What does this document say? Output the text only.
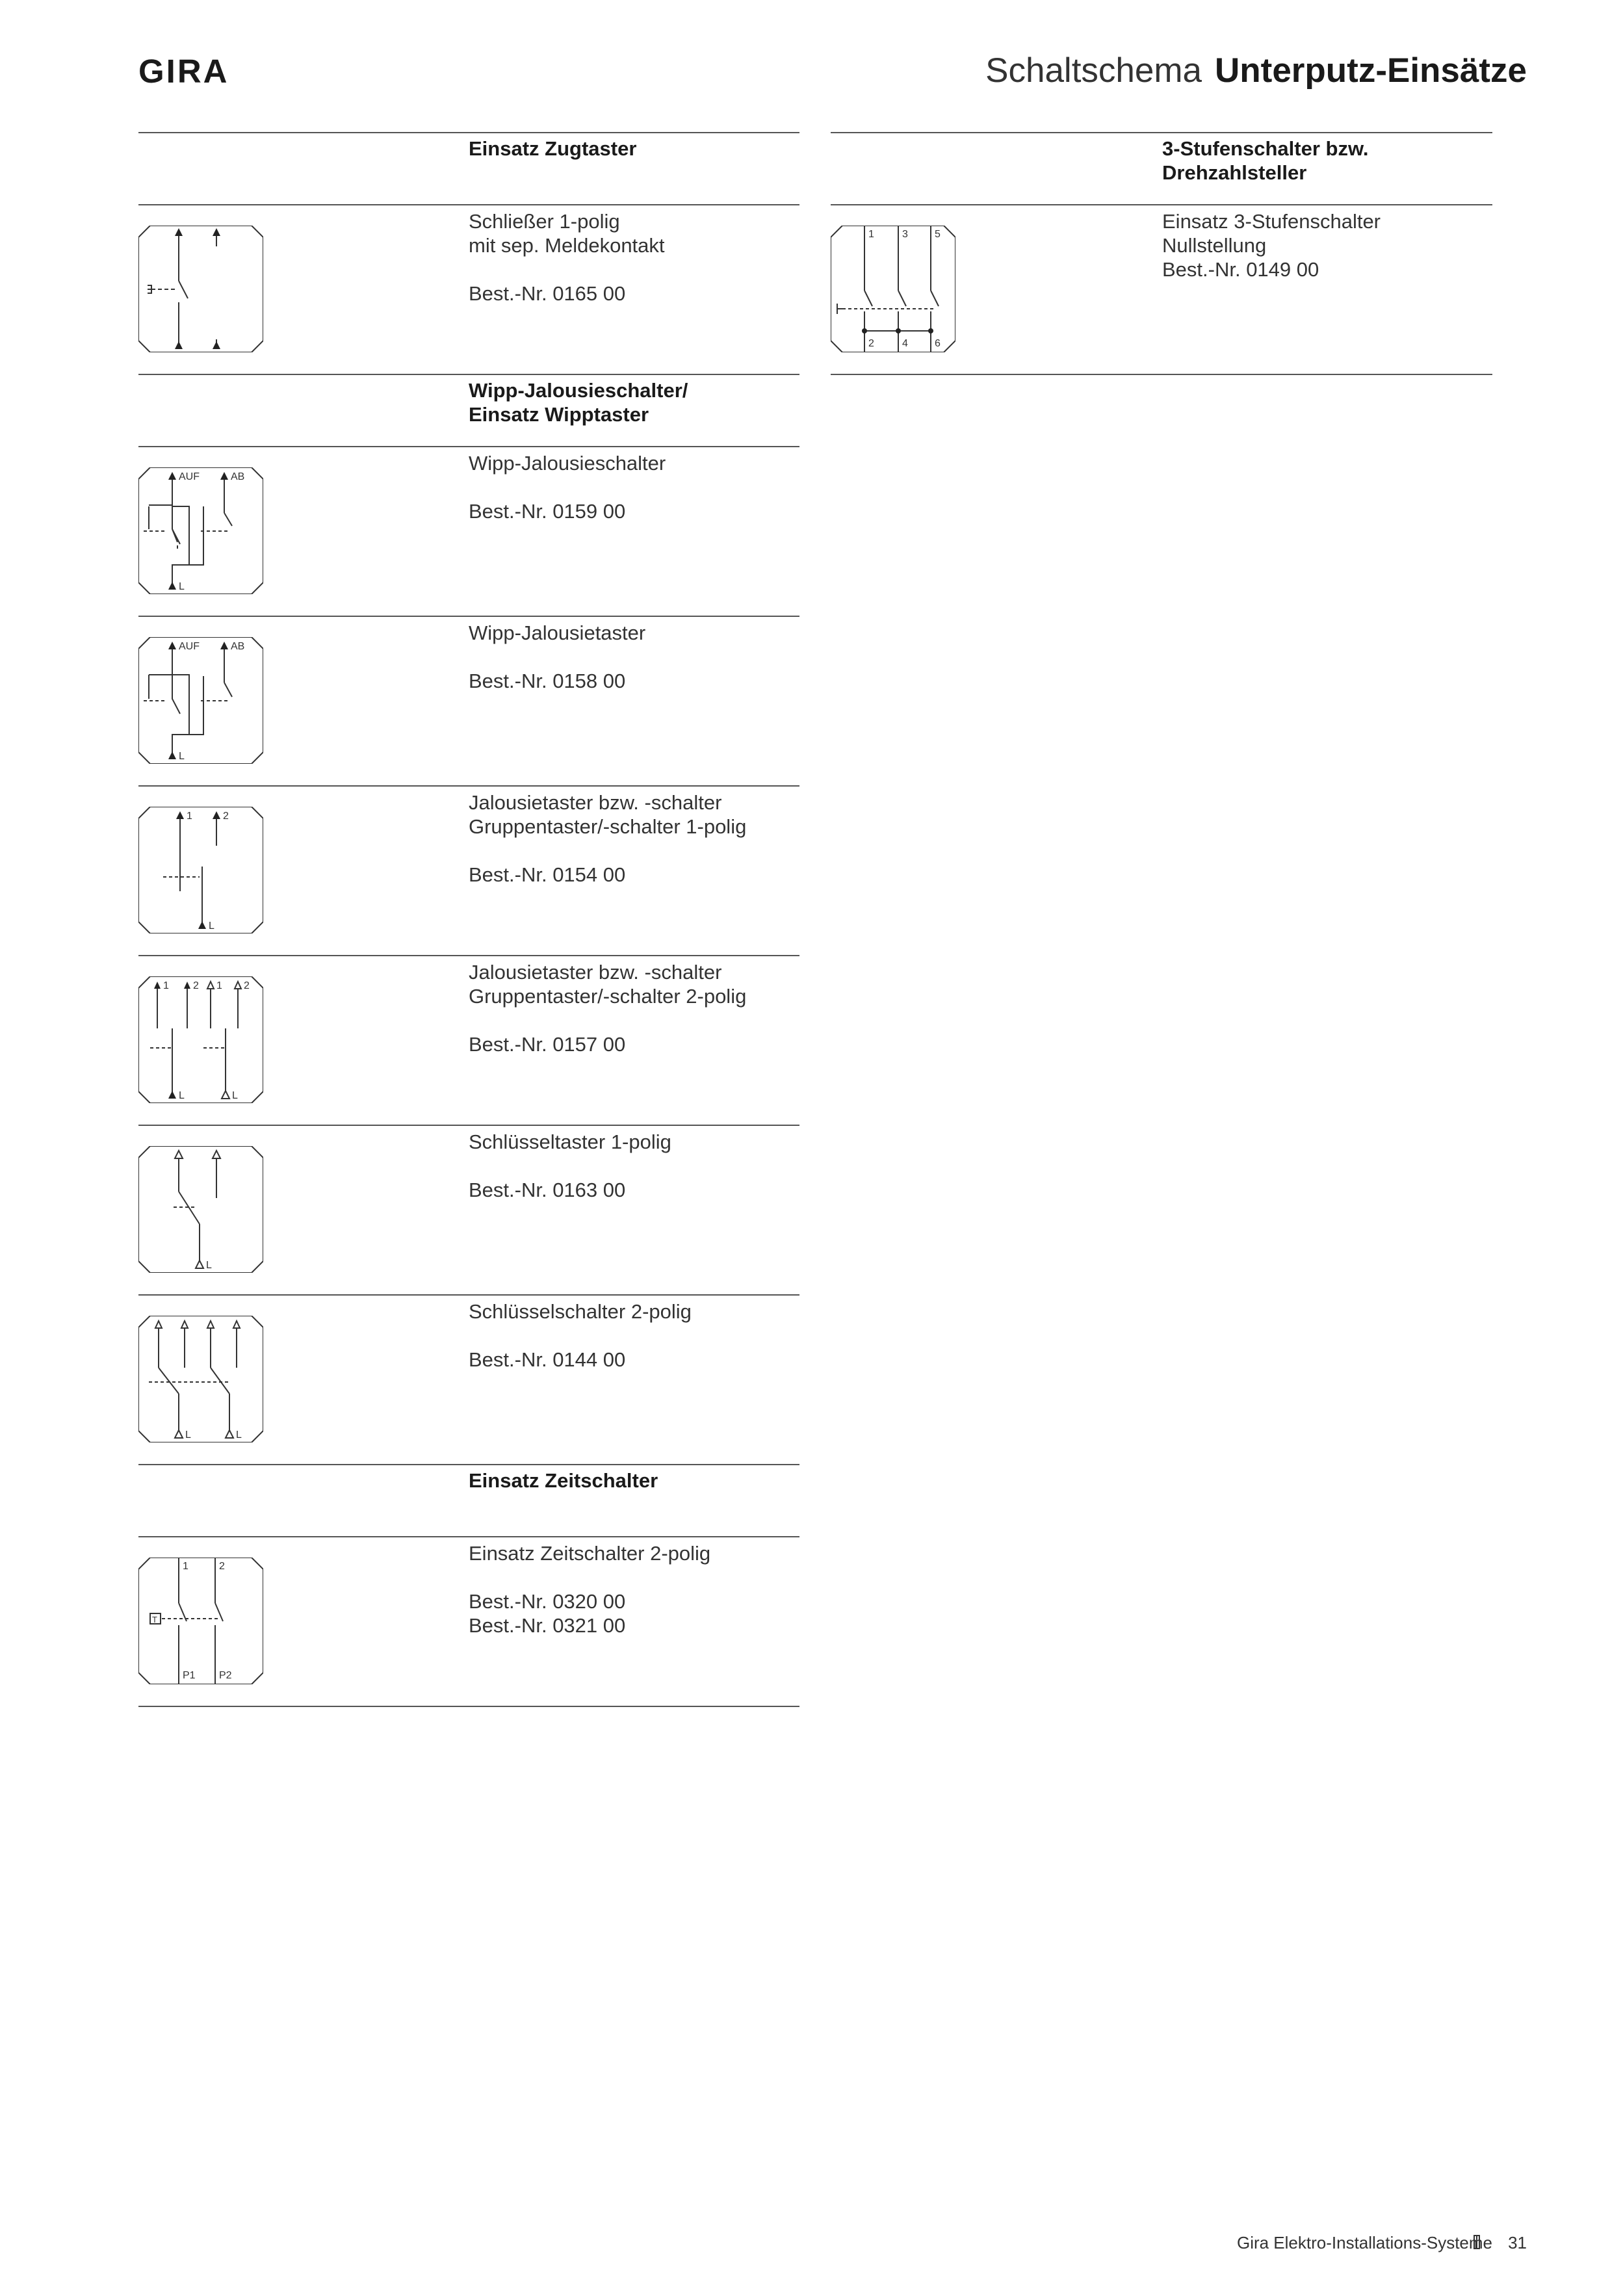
GIRA	Schaltschema Unterputz-Einsätze
Einsatz Zugtaster
Schließer 1-polig
mit sep. Meldekontakt
Best.-Nr. 0165 00
Wipp-Jalousieschalter/
Einsatz Wipptaster
AUF	AB
L
Wipp-Jalousieschalter
Best.-Nr. 0159 00
AUF	AB
L
Wipp-Jalousietaster
Best.-Nr. 0158 00
1	2
L
Jalousietaster bzw. -schalter
Gruppentaster/-schalter 1-polig
Best.-Nr. 0154 00
1 2 1 2
L	L
Jalousietaster bzw. -schalter
Gruppentaster/-schalter 2-polig
Best.-Nr. 0157 00
L
Schlüsseltaster 1-polig
Best.-Nr. 0163 00
L	L
Schlüsselschalter 2-polig
Best.-Nr. 0144 00
Einsatz Zeitschalter
1	2
T
P1 P2
Einsatz Zeitschalter 2-polig
Best.-Nr. 0320 00
Best.-Nr. 0321 00
3-Stufenschalter bzw.
Drehzahlsteller
1	3	5
2	4	6
Einsatz 3-Stufenschalter
Nullstellung
Best.-Nr. 0149 00
Gira Elektro-Installations-Systeme 31
